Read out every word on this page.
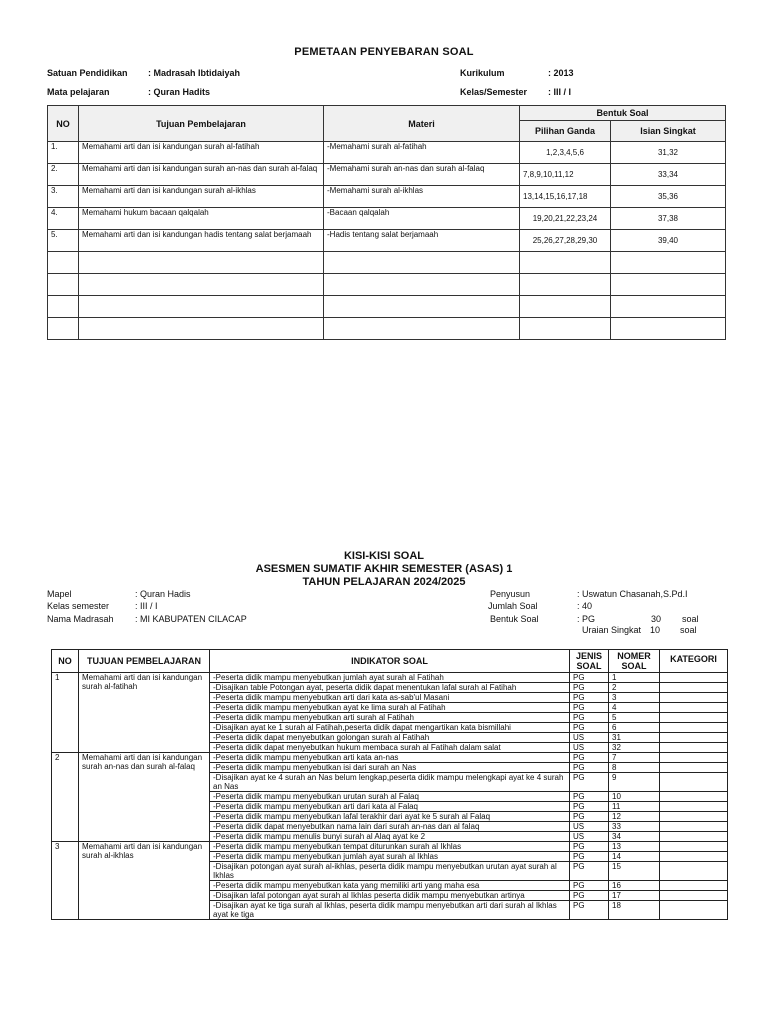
PEMETAAN PENYEBARAN SOAL
Satuan Pendidikan : Madrasah Ibtidaiyah
Mata pelajaran	: Quran Hadits
Kurikulum	: 2013
Kelas/Semester : III / I
NO	Tujuan Pembelajaran	Materi	Bentuk Soal	
			Pilihan Ganda	Isian Singkat
1.	Memahami arti dan isi kandungan surah al-fatihah	-Memahami surah al-fatihah	1,2,3,4,5,6	31,32
2.	Memahami arti dan isi kandungan surah an-nas dan surah al-falaq	-Memahami surah an-nas dan surah al-falaq	7,8,9,10,11,12	33,34
3.	Memahami arti dan isi kandungan surah al-ikhlas	-Memahami surah al-ikhlas	13,14,15,16,17,18	35,36
4.	Memahami hukum bacaan qalqalah	-Bacaan qalqalah	19,20,21,22,23,24	37,38
5.	Memahami arti dan isi kandungan hadis tentang salat berjamaah	-Hadis tentang salat berjamaah	25,26,27,28,29,30	39,40

KISI-KISI SOAL
ASESMEN SUMATIF AKHIR SEMESTER (ASAS) 1
TAHUN PELAJARAN 2024/2025
Mapel	: Quran Hadis
Kelas semester	: III / I
Nama Madrasah : MI KABUPATEN CILACAP
Penyusun	: Uswatun Chasanah,S.Pd.I
Jumlah Soal	: 40
Bentuk Soal	: PG	30 soal
Uraian Singkat 10 soal
NO	TUJUAN PEMBELAJARAN	INDIKATOR SOAL	JENIS SOAL	NOMER SOAL	KATEGORI
1	Memahami arti dan isi kandungan surah al-fatihah	-Peserta didik mampu menyebutkan jumlah ayat surah al Fatihah	PG	1	
		-Disajikan table Potongan ayat, peserta didik dapat menentukan lafal surah al Fatihah	PG	2	
		-Peserta didik mampu menyebutkan arti dari kata as-sab'ul Masani	PG	3	
		-Peserta didik mampu menyebutkan ayat ke lima surah al Fatihah	PG	4	
		-Peserta didik mampu menyebutkan arti surah al Fatihah	PG	5	
		-Disajikan ayat ke 1 surah al Fatihah,peserta didik dapat mengartikan kata bismillahi	PG	6	
		-Peserta didik dapat menyebutkan golongan surah al Fatihah	US	31	
		-Peserta didik dapat menyebutkan hukum membaca surah al Fatihah dalam salat	US	32	
2	Memahami arti dan isi kandungan surah an-nas dan surah al-falaq	-Peserta didik mampu menyebutkan arti kata an-nas	PG	7	
		-Peserta didik mampu menyebutkan isi dari surah an Nas	PG	8	
		-Disajikan ayat ke 4 surah an Nas belum lengkap,peserta didik mampu melengkapi ayat ke 4 surah an Nas	PG	9	
		-Peserta didik mampu menyebutkan urutan surah al Falaq	PG	10	
		-Peserta didik mampu menyebutkan arti dari kata al Falaq	PG	11	
		-Peserta didik mampu menyebutkan lafal terakhir dari ayat ke 5 surah al Falaq	PG	12	
		-Peserta didik dapat menyebutkan nama lain dari surah an-nas dan al falaq	US	33	
		-Peserta didik mampu menulis bunyi surah al Alaq ayat ke 2	US	34	
3	Memahami arti dan isi kandungan surah al-ikhlas	-Peserta didik mampu menyebutkan tempat diturunkan surah al Ikhlas	PG	13	
		-Peserta didik mampu menyebutkan jumlah ayat surah al Ikhlas	PG	14	
		-Disajikan potongan ayat surah al-ikhlas, peserta didik mampu menyebutkan urutan ayat surah al Ikhlas	PG	15	
		-Peserta didik mampu menyebutkan kata yang memiliki arti yang maha esa	PG	16	
		-Disajikan lafal potongan ayat surah al Ikhlas peserta didik mampu menyebutkan artinya	PG	17	
		-Disajikan ayat ke tiga surah al Ikhlas, peserta didik mampu menyebutkan arti dari surah al Ikhlas ayat ke tiga	PG	18	
